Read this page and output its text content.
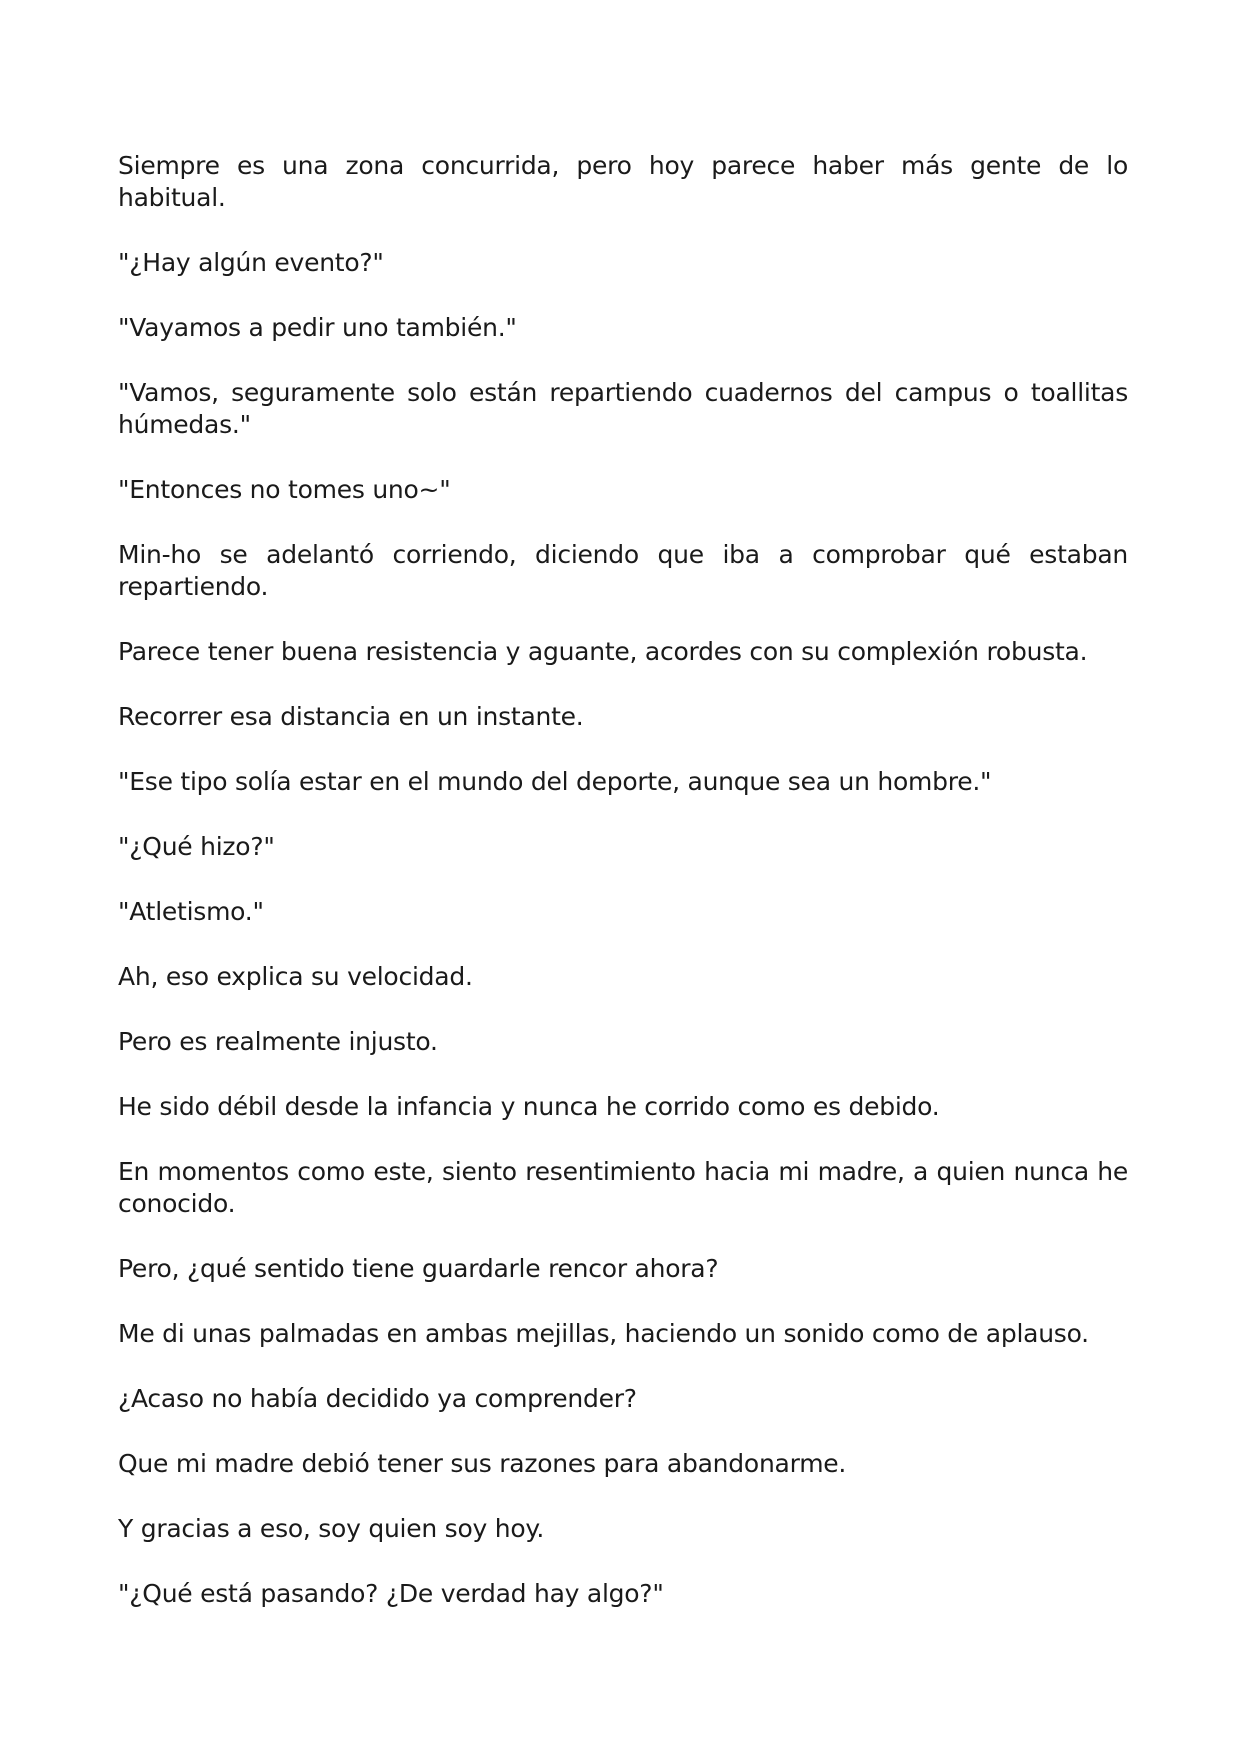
Siempre es una zona concurrida, pero hoy parece haber más gente de lo habitual.

"¿Hay algún evento?"

"Vayamos a pedir uno también."

"Vamos, seguramente solo están repartiendo cuadernos del campus o toallitas húmedas."

"Entonces no tomes uno~"

Min-ho se adelantó corriendo, diciendo que iba a comprobar qué estaban repartiendo.

Parece tener buena resistencia y aguante, acordes con su complexión robusta.

Recorrer esa distancia en un instante.

"Ese tipo solía estar en el mundo del deporte, aunque sea un hombre."

"¿Qué hizo?"

"Atletismo."

Ah, eso explica su velocidad.

Pero es realmente injusto.

He sido débil desde la infancia y nunca he corrido como es debido.

En momentos como este, siento resentimiento hacia mi madre, a quien nunca he conocido.

Pero, ¿qué sentido tiene guardarle rencor ahora?

Me di unas palmadas en ambas mejillas, haciendo un sonido como de aplauso.

¿Acaso no había decidido ya comprender?

Que mi madre debió tener sus razones para abandonarme.

Y gracias a eso, soy quien soy hoy.

"¿Qué está pasando? ¿De verdad hay algo?"
